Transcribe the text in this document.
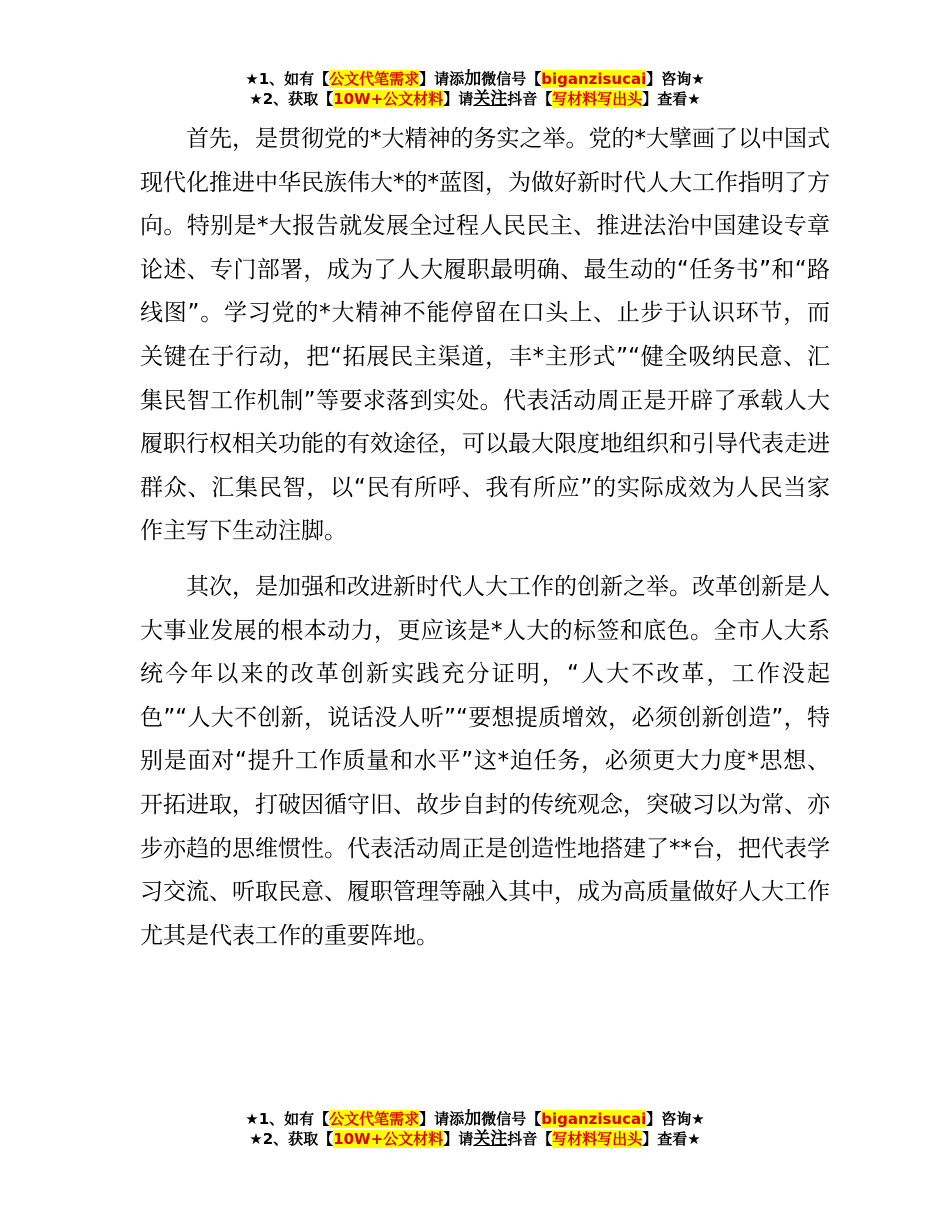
★1、如有【公文代笔需求】请添加微信号【biganzisucai】咨询★
★2、获取【10W+公文材料】请关注抖音【写材料写出头】查看★

首先，是贯彻党的*大精神的务实之举。党的*大擘画了以中国式现代化推进中华民族伟大*的*蓝图，为做好新时代人大工作指明了方向。特别是*大报告就发展全过程人民民主、推进法治中国建设专章论述、专门部署，成为了人大履职最明确、最生动的“任务书”和“路线图”。学习党的*大精神不能停留在口头上、止步于认识环节，而关键在于行动，把“拓展民主渠道，丰*主形式”“健全吸纳民意、汇集民智工作机制”等要求落到实处。代表活动周正是开辟了承载人大履职行权相关功能的有效途径，可以最大限度地组织和引导代表走进群众、汇集民智，以“民有所呼、我有所应”的实际成效为人民当家作主写下生动注脚。

其次，是加强和改进新时代人大工作的创新之举。改革创新是人大事业发展的根本动力，更应该是*人大的标签和底色。全市人大系统今年以来的改革创新实践充分证明，“人大不改革，工作没起色”“人大不创新，说话没人听”“要想提质增效，必须创新创造”，特别是面对“提升工作质量和水平”这*迫任务，必须更大力度*思想、开拓进取，打破因循守旧、故步自封的传统观念，突破习以为常、亦步亦趋的思维惯性。代表活动周正是创造性地搭建了**台，把代表学习交流、听取民意、履职管理等融入其中，成为高质量做好人大工作尤其是代表工作的重要阵地。

★1、如有【公文代笔需求】请添加微信号【biganzisucai】咨询★
★2、获取【10W+公文材料】请关注抖音【写材料写出头】查看★
